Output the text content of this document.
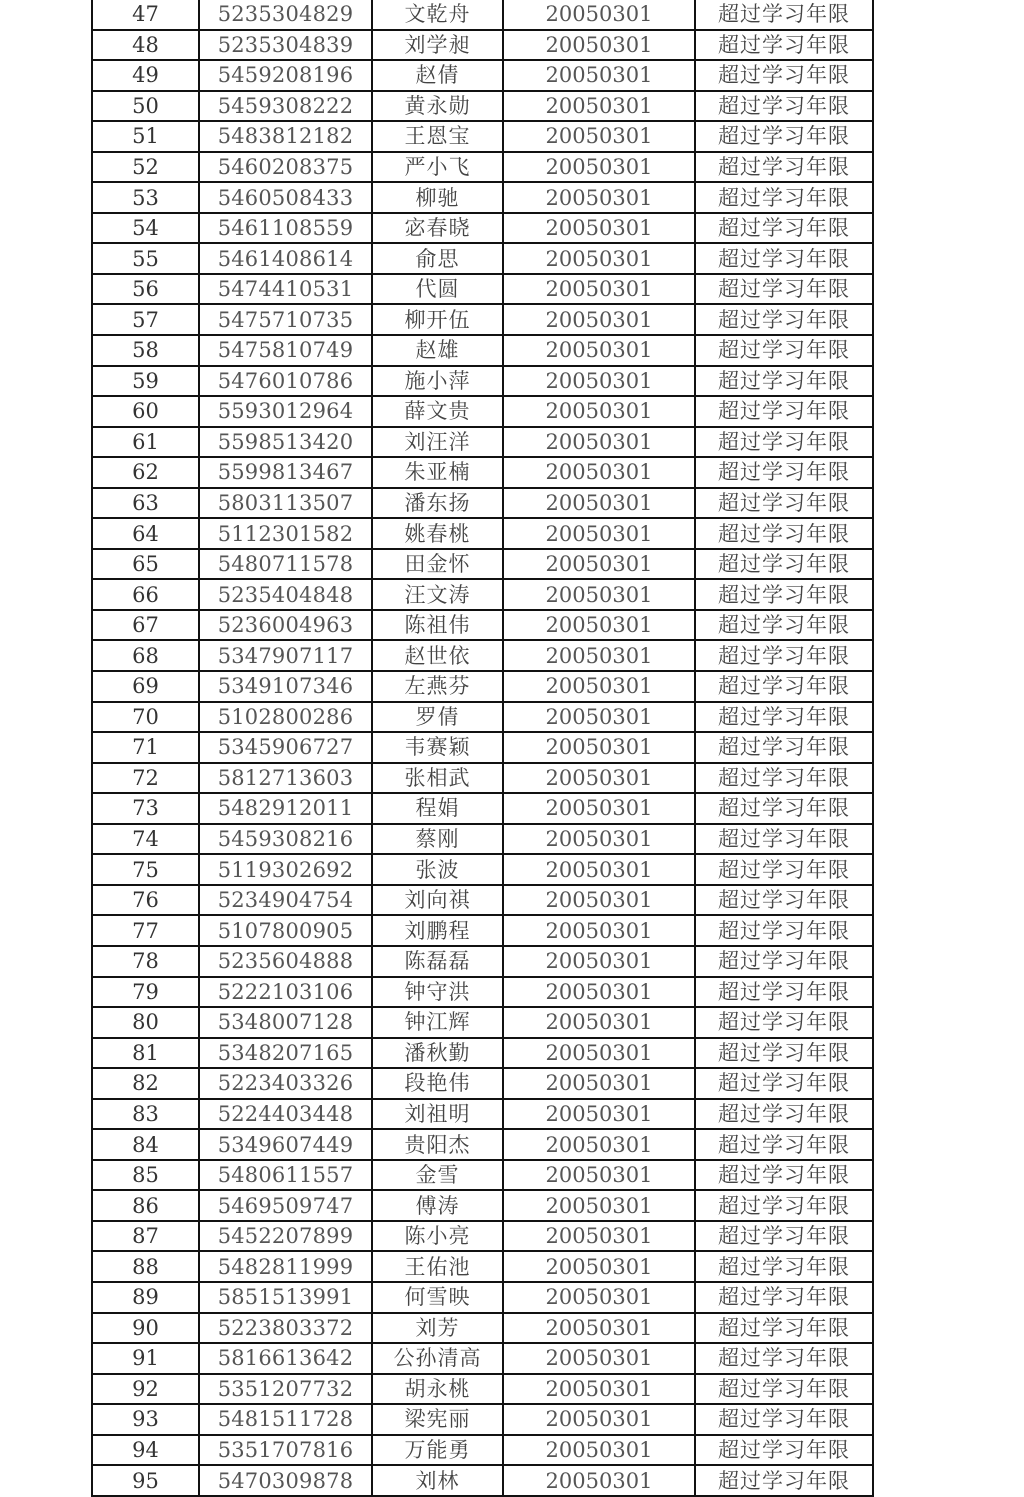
47	5235304829	文乾舟	20050301	超过学习年限
48	5235304839	刘学昶	20050301	超过学习年限
49	5459208196	赵倩	20050301	超过学习年限
50	5459308222	黄永勋	20050301	超过学习年限
51	5483812182	王恩宝	20050301	超过学习年限
52	5460208375	严小飞	20050301	超过学习年限
53	5460508433	柳驰	20050301	超过学习年限
54	5461108559	宓春晓	20050301	超过学习年限
55	5461408614	俞思	20050301	超过学习年限
56	5474410531	代圆	20050301	超过学习年限
57	5475710735	柳开伍	20050301	超过学习年限
58	5475810749	赵雄	20050301	超过学习年限
59	5476010786	施小萍	20050301	超过学习年限
60	5593012964	薛文贵	20050301	超过学习年限
61	5598513420	刘汪洋	20050301	超过学习年限
62	5599813467	朱亚楠	20050301	超过学习年限
63	5803113507	潘东扬	20050301	超过学习年限
64	5112301582	姚春桃	20050301	超过学习年限
65	5480711578	田金怀	20050301	超过学习年限
66	5235404848	汪文涛	20050301	超过学习年限
67	5236004963	陈祖伟	20050301	超过学习年限
68	5347907117	赵世依	20050301	超过学习年限
69	5349107346	左燕芬	20050301	超过学习年限
70	5102800286	罗倩	20050301	超过学习年限
71	5345906727	韦赛颖	20050301	超过学习年限
72	5812713603	张相武	20050301	超过学习年限
73	5482912011	程娟	20050301	超过学习年限
74	5459308216	蔡刚	20050301	超过学习年限
75	5119302692	张波	20050301	超过学习年限
76	5234904754	刘向祺	20050301	超过学习年限
77	5107800905	刘鹏程	20050301	超过学习年限
78	5235604888	陈磊磊	20050301	超过学习年限
79	5222103106	钟守洪	20050301	超过学习年限
80	5348007128	钟江辉	20050301	超过学习年限
81	5348207165	潘秋勤	20050301	超过学习年限
82	5223403326	段艳伟	20050301	超过学习年限
83	5224403448	刘祖明	20050301	超过学习年限
84	5349607449	贵阳杰	20050301	超过学习年限
85	5480611557	金雪	20050301	超过学习年限
86	5469509747	傅涛	20050301	超过学习年限
87	5452207899	陈小亮	20050301	超过学习年限
88	5482811999	王佑池	20050301	超过学习年限
89	5851513991	何雪映	20050301	超过学习年限
90	5223803372	刘芳	20050301	超过学习年限
91	5816613642	公孙清高	20050301	超过学习年限
92	5351207732	胡永桃	20050301	超过学习年限
93	5481511728	梁宪丽	20050301	超过学习年限
94	5351707816	万能勇	20050301	超过学习年限
95	5470309878	刘林	20050301	超过学习年限
